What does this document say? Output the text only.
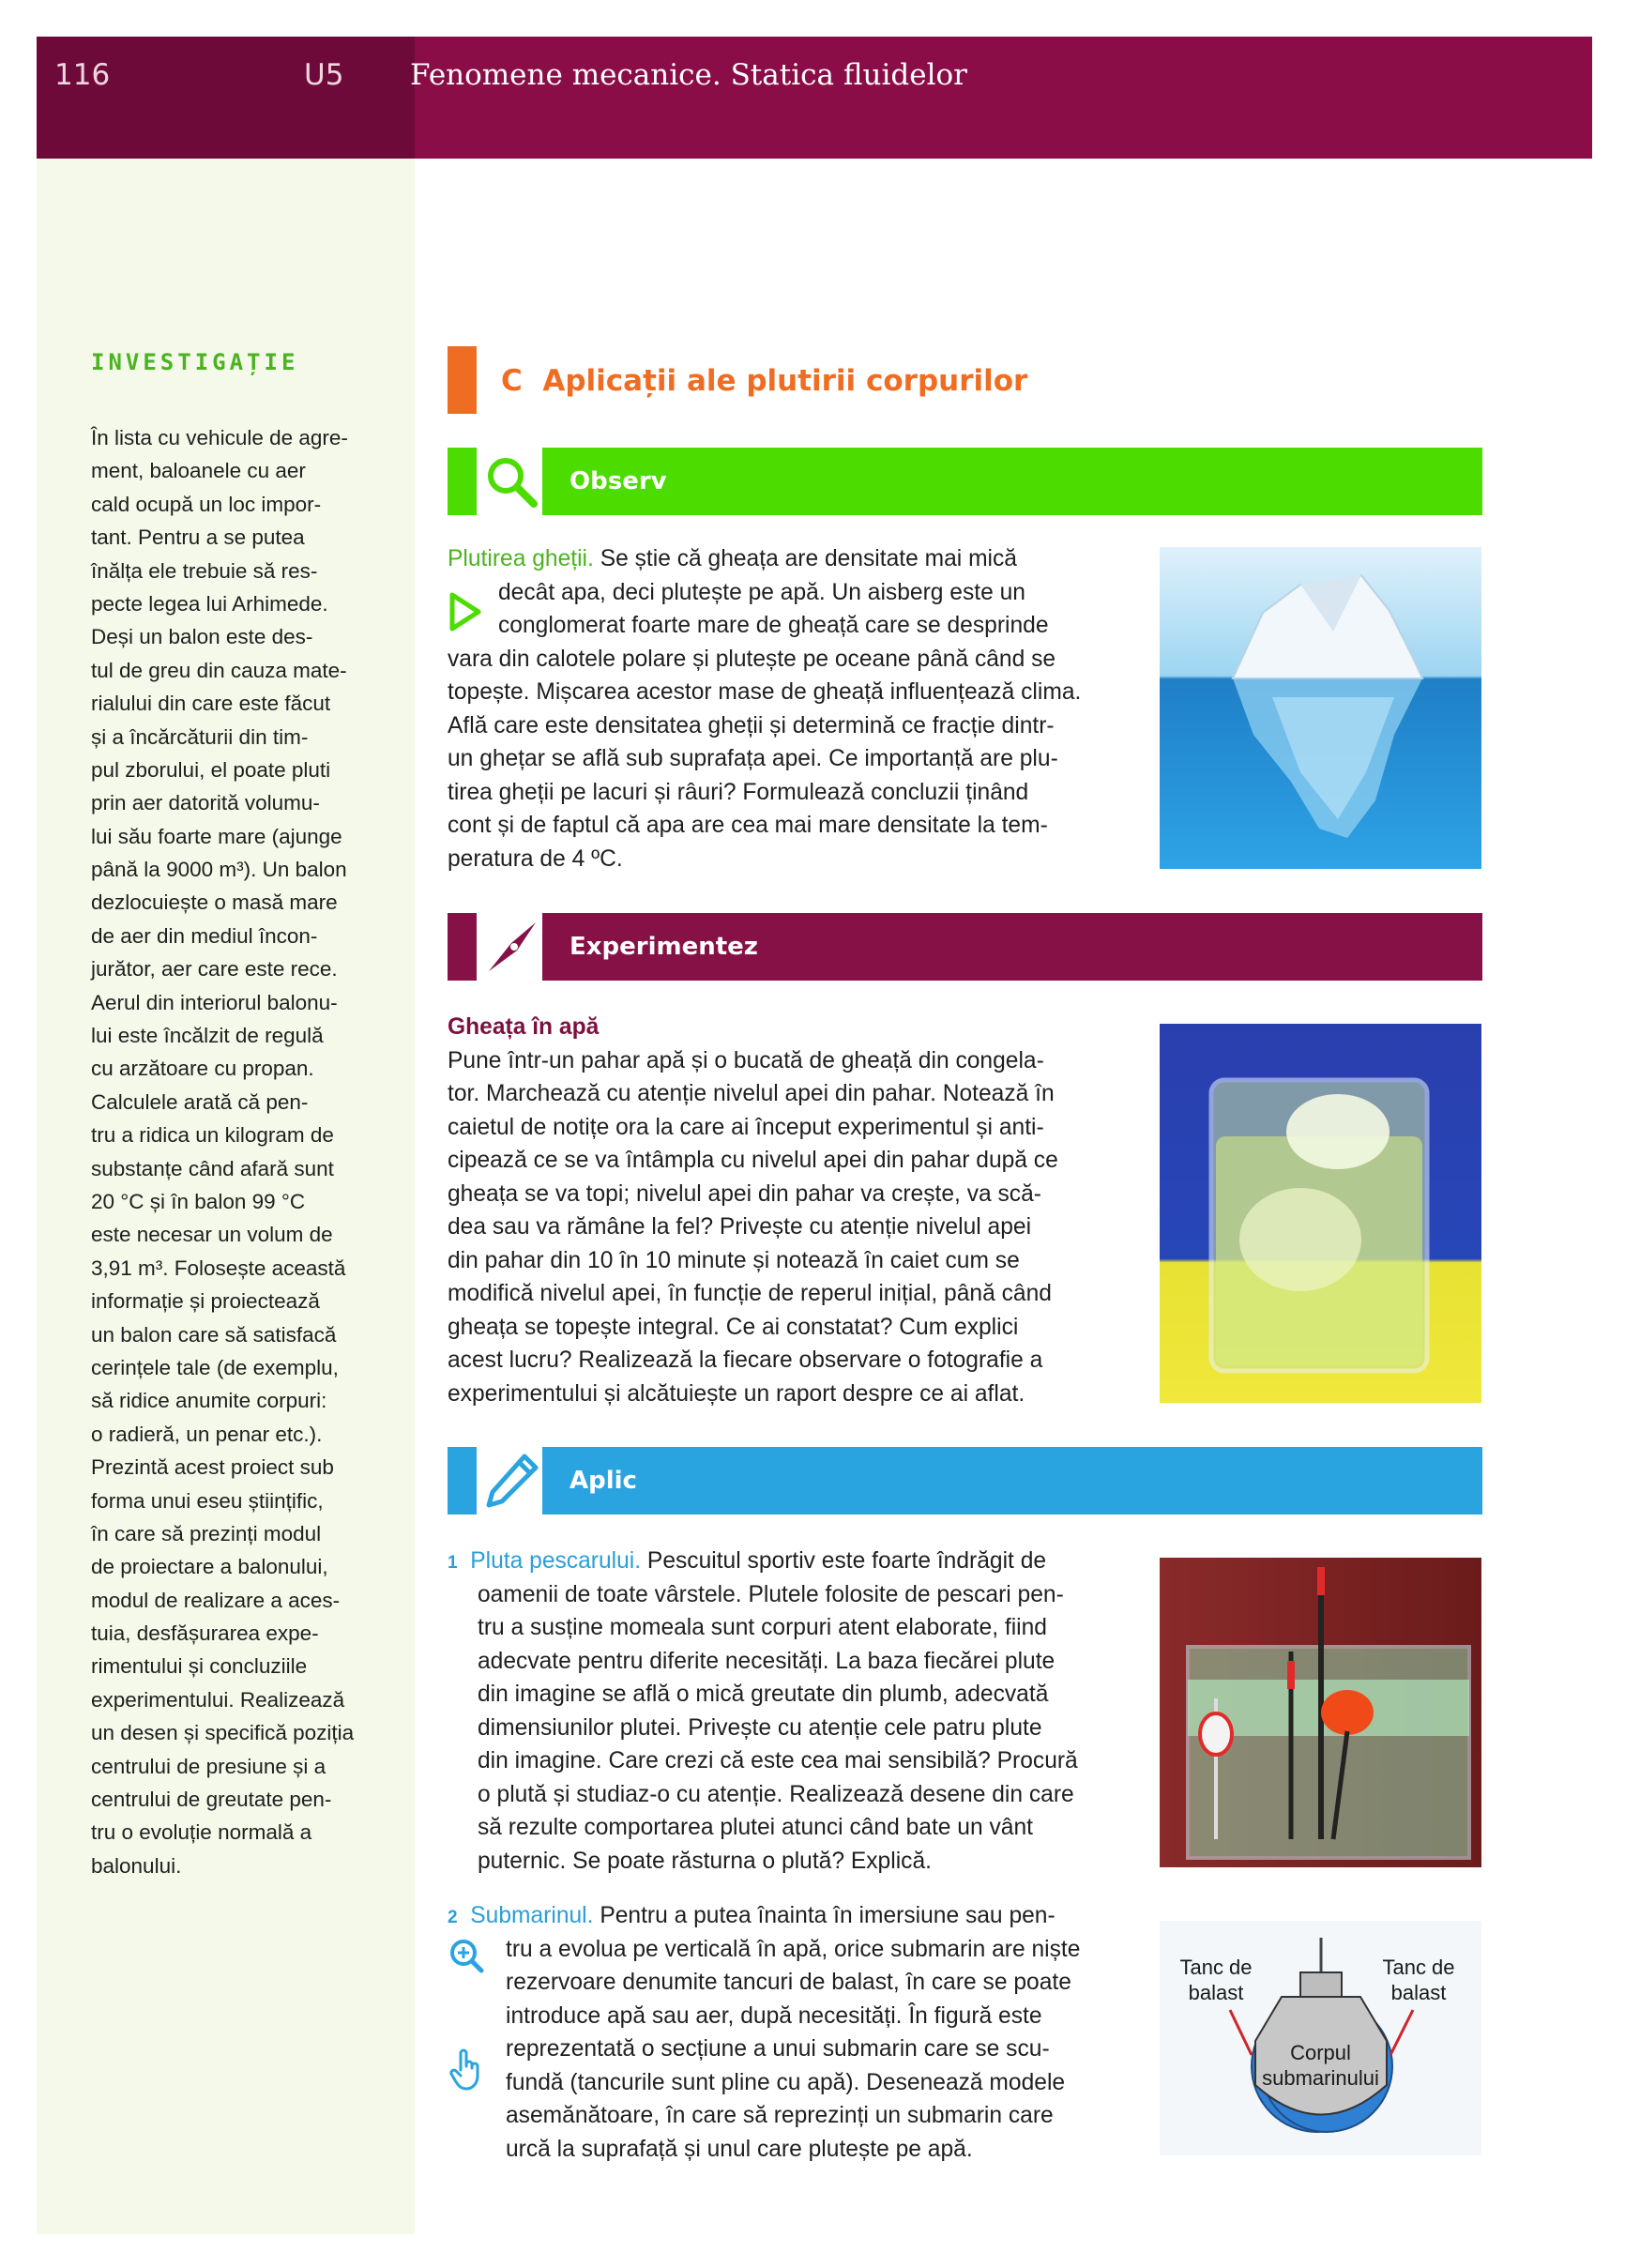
116	U5 Fenomene mecanice. Statica fluidelor
INVESTIGAȚIE

În lista cu vehicule de agre-

ment, baloanele cu aer

cald ocupă un loc impor-

tant. Pentru a se putea

înălța ele trebuie să res-

pecte legea lui Arhimede.

Deși un balon este des-

tul de greu din cauza mate-

rialului din care este făcut

și a încărcăturii din tim-

pul zborului, el poate pluti

prin aer datorită volumu-

lui său foarte mare (ajunge

până la 9000 m³). Un balon

dezlocuiește o masă mare

de aer din mediul încon-

jurător, aer care este rece.

Aerul din interiorul balonu-

lui este încălzit de regulă

cu arzătoare cu propan.

Calculele arată că pen-

tru a ridica un kilogram de

substanțe când afară sunt

20 °C și în balon 99 °C

este necesar un volum de

3,91 m³. Folosește această

informație și proiectează

un balon care să satisfacă

cerințele tale (de exemplu,

să ridice anumite corpuri:

o radieră, un penar etc.).

Prezintă acest proiect sub

forma unui eseu științific,

în care să prezinți modul

de proiectare a balonului,

modul de realizare a aces-

tuia, desfășurarea expe-

rimentului și concluziile

experimentului. Realizează

un desen și specifică poziția

centrului de presiune și a

centrului de greutate pen-

tru o evoluție normală a

balonului.

C Aplicații ale plutirii corpurilor
Observ

Plutirea gheții. Se știe că gheața are densitate mai mică

decât apa, deci plutește pe apă. Un aisberg este un

conglomerat foarte mare de gheață care se desprinde

vara din calotele polare și plutește pe oceane până când se

topește. Mișcarea acestor mase de gheață influențează clima.

Află care este densitatea gheții și determină ce fracție dintr-

un ghețar se află sub suprafața apei. Ce importanță are plu-

tirea gheții pe lacuri și râuri? Formulează concluzii ținând

cont și de faptul că apa are cea mai mare densitate la tem-

peratura de 4 ºC.

Experimentez

Gheața în apă

Pune într-un pahar apă și o bucată de gheață din congela-

tor. Marchează cu atenție nivelul apei din pahar. Notează în

caietul de notițe ora la care ai început experimentul și anti-

cipează ce se va întâmpla cu nivelul apei din pahar după ce

gheața se va topi; nivelul apei din pahar va crește, va scă-

dea sau va rămâne la fel? Privește cu atenție nivelul apei

din pahar din 10 în 10 minute și notează în caiet cum se

modifică nivelul apei, în funcție de reperul inițial, până când

gheața se topește integral. Ce ai constatat? Cum explici

acest lucru? Realizează la fiecare observare o fotografie a

experimentului și alcătuiește un raport despre ce ai aflat.

Aplic

1 Pluta pescarului. Pescuitul sportiv este foarte îndrăgit de

oamenii de toate vârstele. Plutele folosite de pescari pen-

tru a susține momeala sunt corpuri atent elaborate, fiind

adecvate pentru diferite necesități. La baza fiecărei plute

din imagine se află o mică greutate din plumb, adecvată

dimensiunilor plutei. Privește cu atenție cele patru plute

din imagine. Care crezi că este cea mai sensibilă? Procură

o plută și studiaz-o cu atenție. Realizează desene din care

să rezulte comportarea plutei atunci când bate un vânt

puternic. Se poate răsturna o plută? Explică.

2 Submarinul. Pentru a putea înainta în imersiune sau pen-

tru a evolua pe verticală în apă, orice submarin are niște

rezervoare denumite tancuri de balast, în care se poate

introduce apă sau aer, după necesități. În figură este

reprezentată o secțiune a unui submarin care se scu-

fundă (tancurile sunt pline cu apă). Desenează modele

asemănătoare, în care să reprezinți un submarin care

urcă la suprafață și unul care plutește pe apă.

Tanc de
balast
Tanc de
balast
Corpul
submarinului
